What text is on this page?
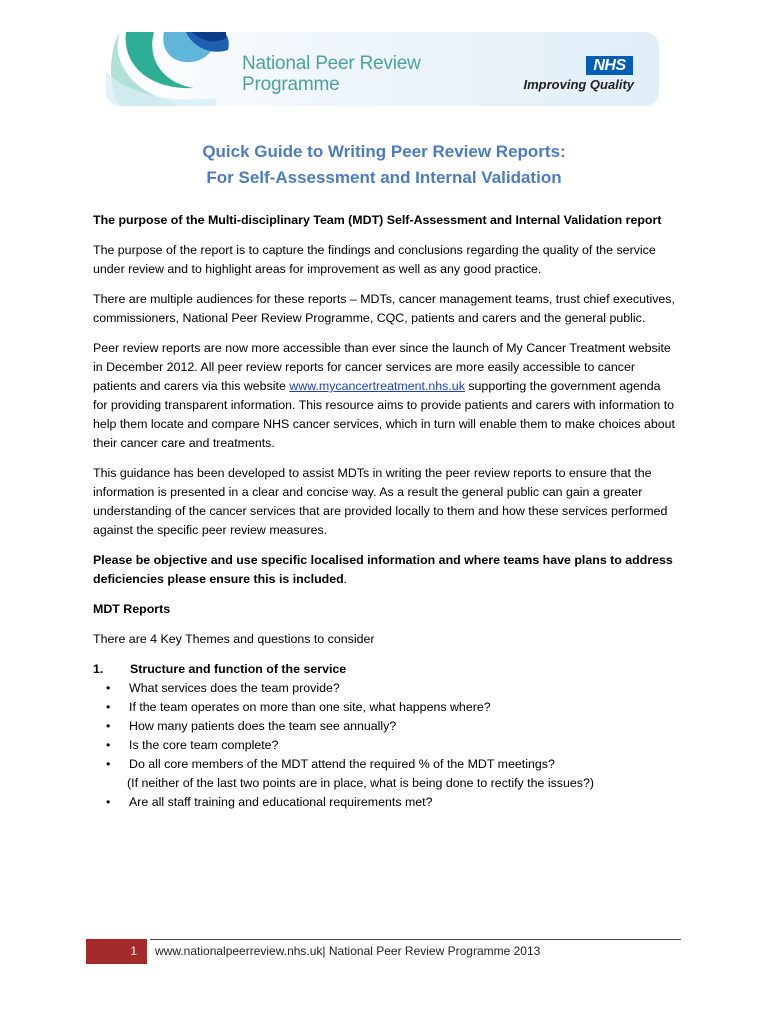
National Peer Review
Programme
NHS
Improving Quality
Quick Guide to Writing Peer Review Reports:
For Self-Assessment and Internal Validation

The purpose of the Multi-disciplinary Team (MDT) Self-Assessment and Internal Validation report

The purpose of the report is to capture the findings and conclusions regarding the quality of the service under review and to highlight areas for improvement as well as any good practice.

There are multiple audiences for these reports – MDTs, cancer management teams, trust chief executives, commissioners, National Peer Review Programme, CQC, patients and carers and the general public.

Peer review reports are now more accessible than ever since the launch of My Cancer Treatment website in December 2012. All peer review reports for cancer services are more easily accessible to cancer patients and carers via this website www.mycancertreatment.nhs.uk supporting the government agenda for providing transparent information. This resource aims to provide patients and carers with information to help them locate and compare NHS cancer services, which in turn will enable them to make choices about their cancer care and treatments.

This guidance has been developed to assist MDTs in writing the peer review reports to ensure that the information is presented in a clear and concise way. As a result the general public can gain a greater understanding of the cancer services that are provided locally to them and how these services performed against the specific peer review measures.

Please be objective and use specific localised information and where teams have plans to address deficiencies please ensure this is included.

MDT Reports

There are 4 Key Themes and questions to consider

1.	Structure and function of the service
• What services does the team provide?
• If the team operates on more than one site, what happens where?
• How many patients does the team see annually?
• Is the core team complete?
• Do all core members of the MDT attend the required % of the MDT meetings?
(If neither of the last two points are in place, what is being done to rectify the issues?)
• Are all staff training and educational requirements met?
1	www.nationalpeerreview.nhs.uk| National Peer Review Programme 2013
